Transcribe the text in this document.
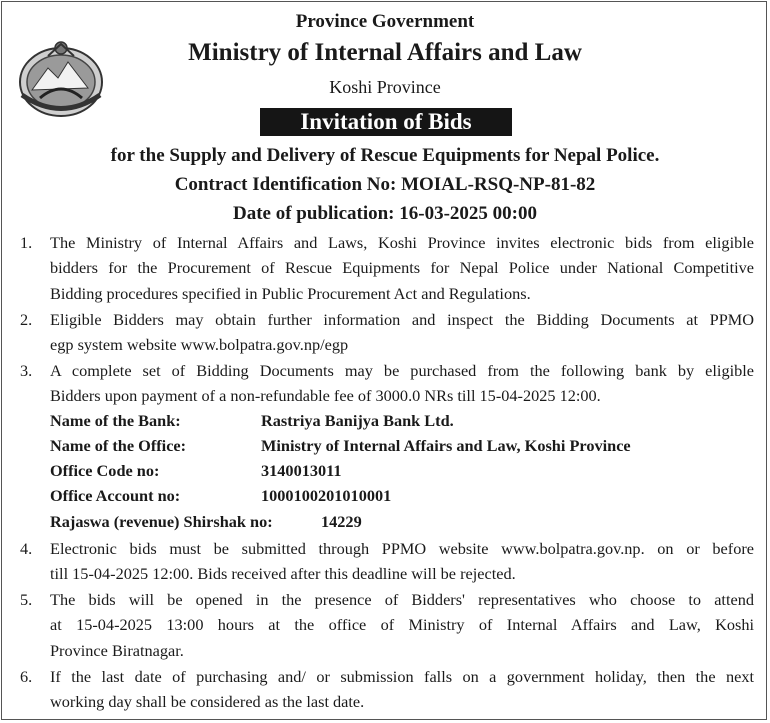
Province Government
Ministry of Internal Affairs and Law
Koshi Province
Invitation of Bids
for the Supply and Delivery of Rescue Equipments for Nepal Police.
Contract Identification No: MOIAL-RSQ-NP-81-82
Date of publication: 16-03-2025 00:00
1. The Ministry of Internal Affairs and Laws, Koshi Province invites electronic bids from eligible
bidders for the Procurement of Rescue Equipments for Nepal Police under National Competitive
Bidding procedures specified in Public Procurement Act and Regulations.
2. Eligible Bidders may obtain further information and inspect the Bidding Documents at PPMO
egp system website www.bolpatra.gov.np/egp
3. A complete set of Bidding Documents may be purchased from the following bank by eligible
Bidders upon payment of a non-refundable fee of 3000.0 NRs till 15-04-2025 12:00.
Name of the Bank:	Rastriya Banijya Bank Ltd.
Name of the Office:	Ministry of Internal Affairs and Law, Koshi Province
Office Code no:	3140013011
Office Account no:	1000100201010001
Rajaswa (revenue) Shirshak no:	14229
4. Electronic bids must be submitted through PPMO website www.bolpatra.gov.np. on or before
till 15-04-2025 12:00. Bids received after this deadline will be rejected.
5. The bids will be opened in the presence of Bidders' representatives who choose to attend
at 15-04-2025 13:00 hours at the office of Ministry of Internal Affairs and Law, Koshi
Province Biratnagar.
6. If the last date of purchasing and/ or submission falls on a government holiday, then the next
working day shall be considered as the last date.
